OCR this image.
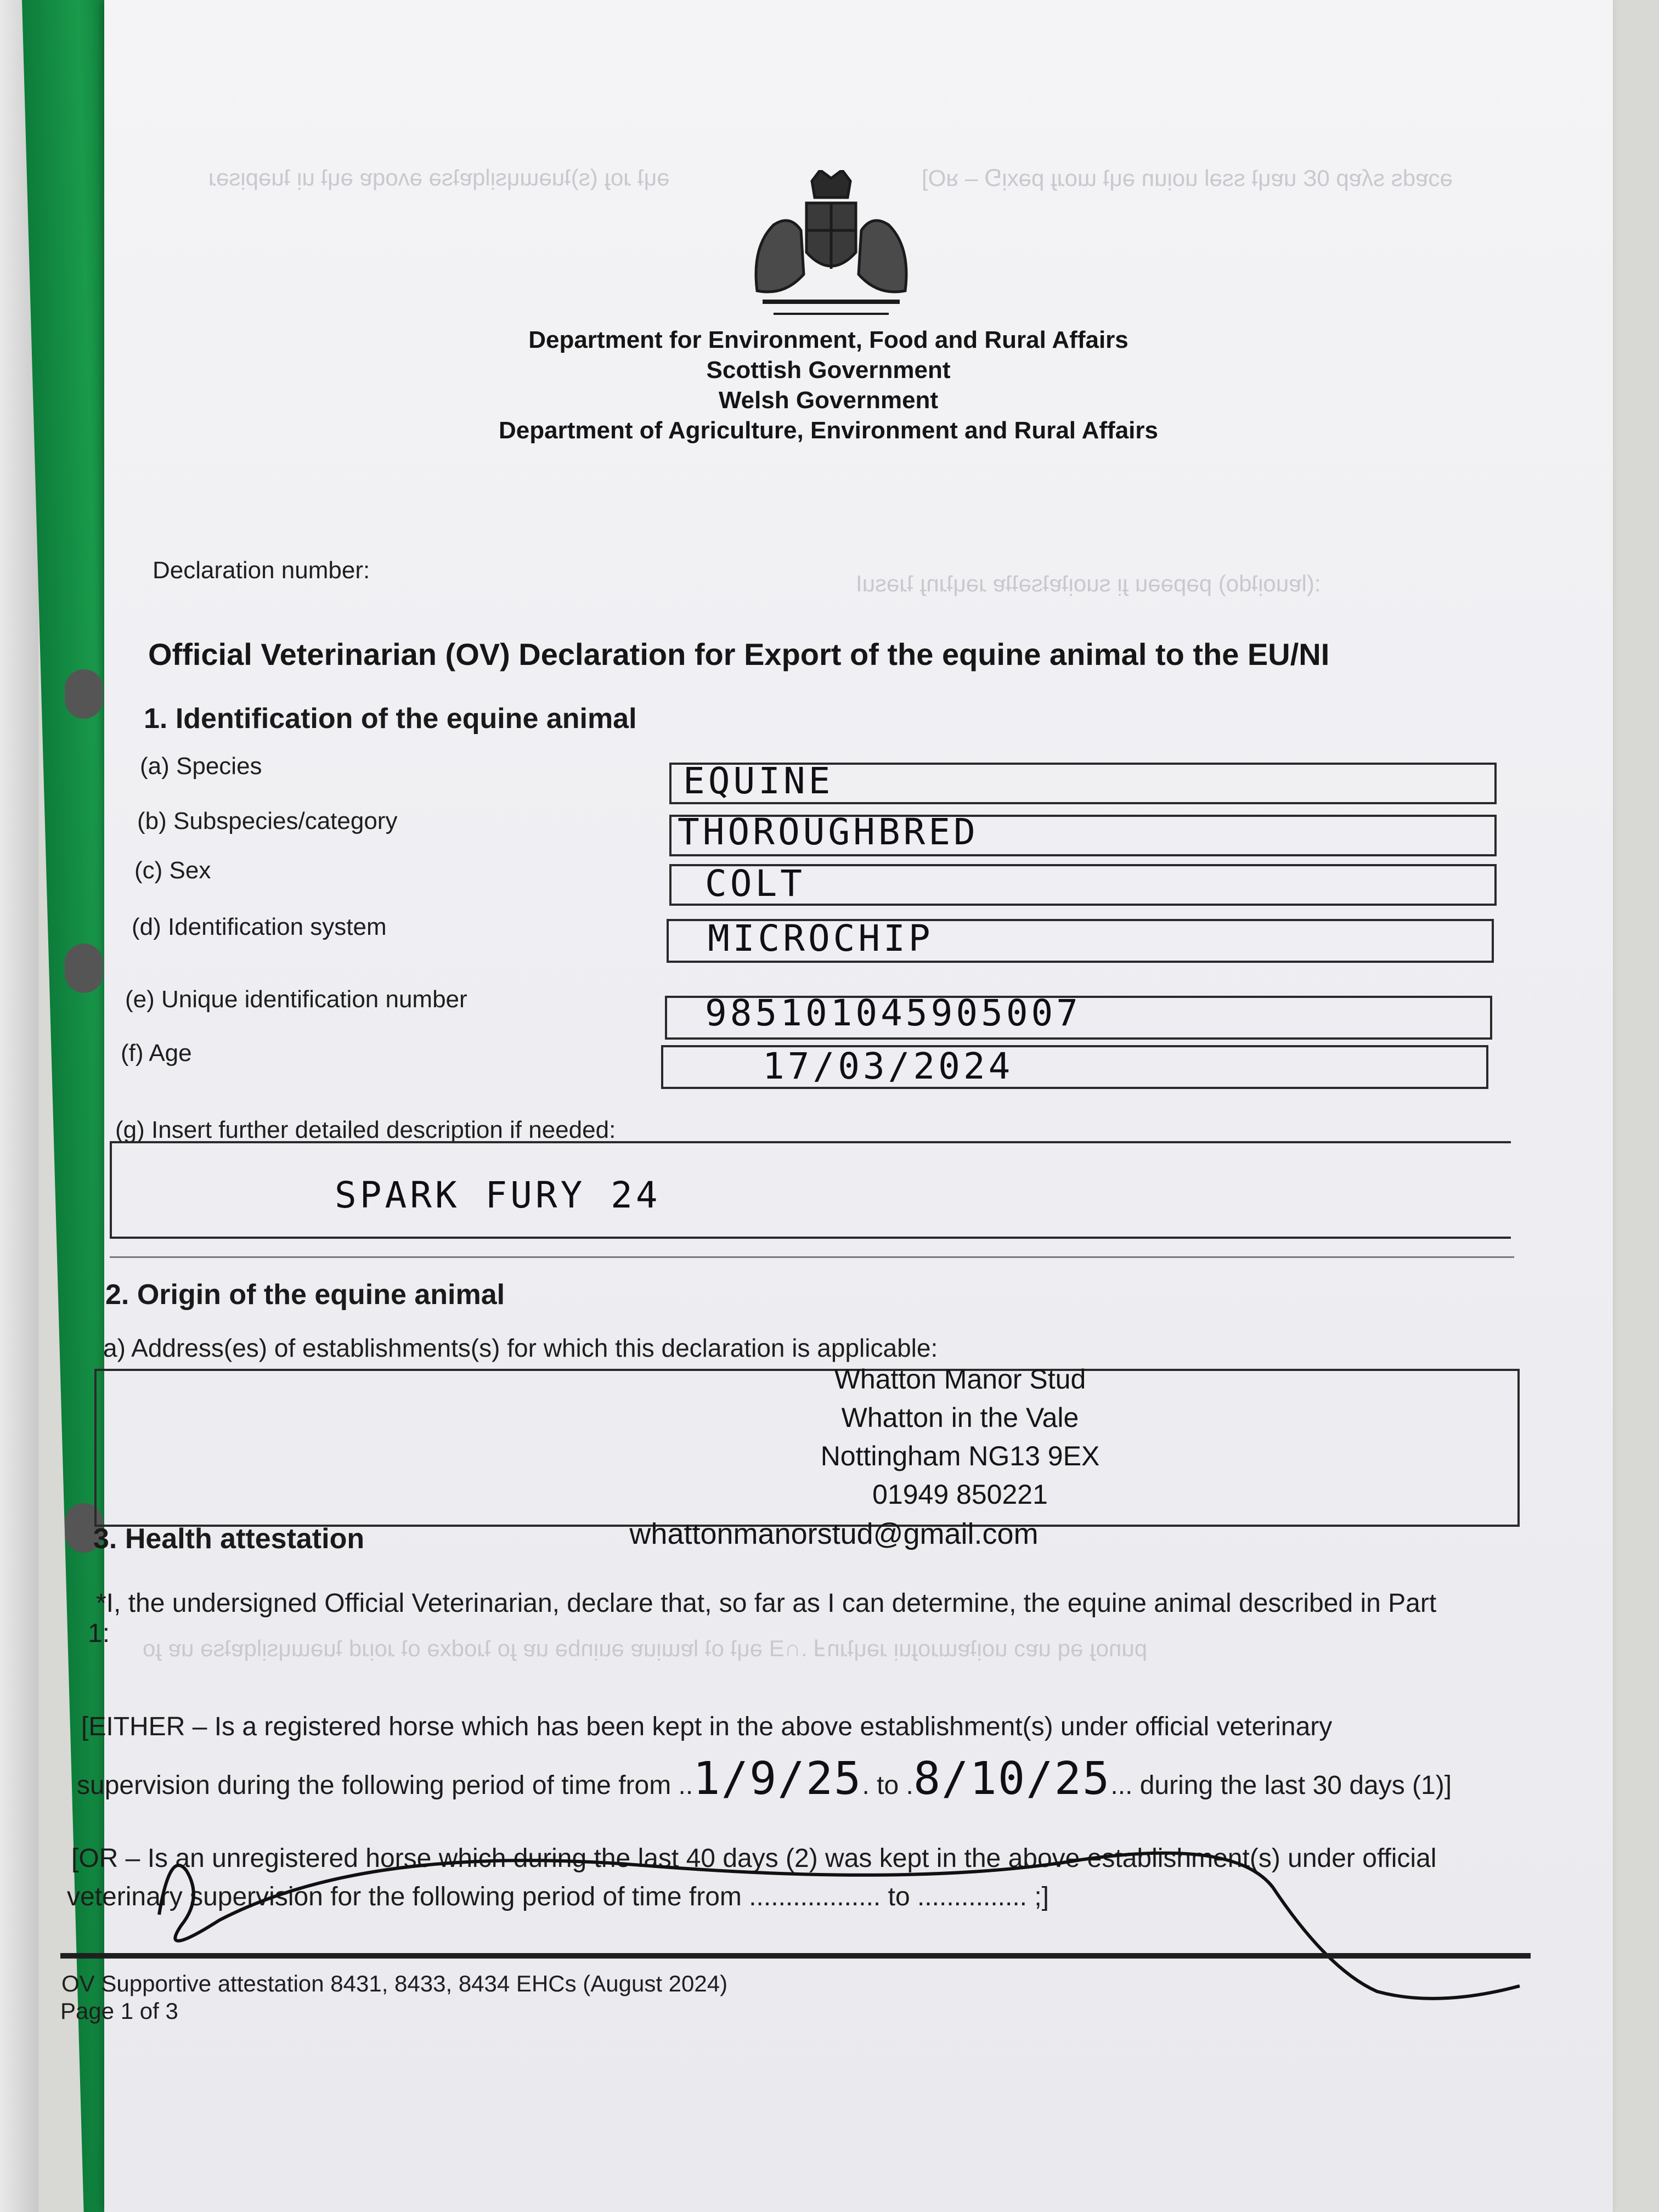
ǝɥʇ ɹoɟ (s)ʇuǝɯɥsᴉlqɐʇsǝ ǝʌoqɐ ǝɥʇ uᴉ ʇuǝpᴉsǝɹ	ǝɔɐds sʎɐp 0Ɛ uɐɥʇ ssǝl uoᴉun ǝɥʇ ɯoɹɟ pǝxᴉ⅁ – ᴚO]
:(lɐuoᴉʇdo) pǝpǝǝu ɟᴉ suoᴉʇɐʇsǝʇʇɐ ɹǝɥʇɹnɟ ʇɹǝsuI
punoɟ ǝq uɐɔ uoᴉʇɐɯɹoɟuᴉ ɹǝɥʇɹnℲ .∩Ǝ ǝɥʇ oʇ lɐɯᴉuɐ ǝuᴉnbǝ uɐ ɟo ʇɹodxǝ oʇ ɹoᴉɹd ʇuǝɯɥsᴉlqɐʇsǝ uɐ ɟo
Department for Environment, Food and Rural Affairs
Scottish Government
Welsh Government
Department of Agriculture, Environment and Rural Affairs
Declaration number:
Official Veterinarian (OV) Declaration for Export of the equine animal to the EU/NI
1. Identification of the equine animal
(a) Species	EQUINE
(b) Subspecies/category	THOROUGHBRED
(c) Sex	COLT
(d) Identification system	MICROCHIP
(e) Unique identification number	985101045905007
(f) Age	17/03/2024
(g) Insert further detailed description if needed:
SPARK FURY 24
2. Origin of the equine animal
a) Address(es) of establishments(s) for which this declaration is applicable:
Whatton Manor Stud
Whatton in the Vale
Nottingham NG13 9EX
01949 850221
whattonmanorstud@gmail.com
3. Health attestation
*I, the undersigned Official Veterinarian, declare that, so far as I can determine, the equine animal described in Part
1:
[EITHER – Is a registered horse which has been kept in the above establishment(s) under official veterinary
supervision during the following period of time from ..1/9/25. to .8/10/25... during the last 30 days (1)]
[OR – Is an unregistered horse which during the last 40 days (2) was kept in the above establishment(s) under official
veterinary supervision for the following period of time from .................. to ............... ;]
OV Supportive attestation 8431, 8433, 8434 EHCs (August 2024)
Page 1 of 3
